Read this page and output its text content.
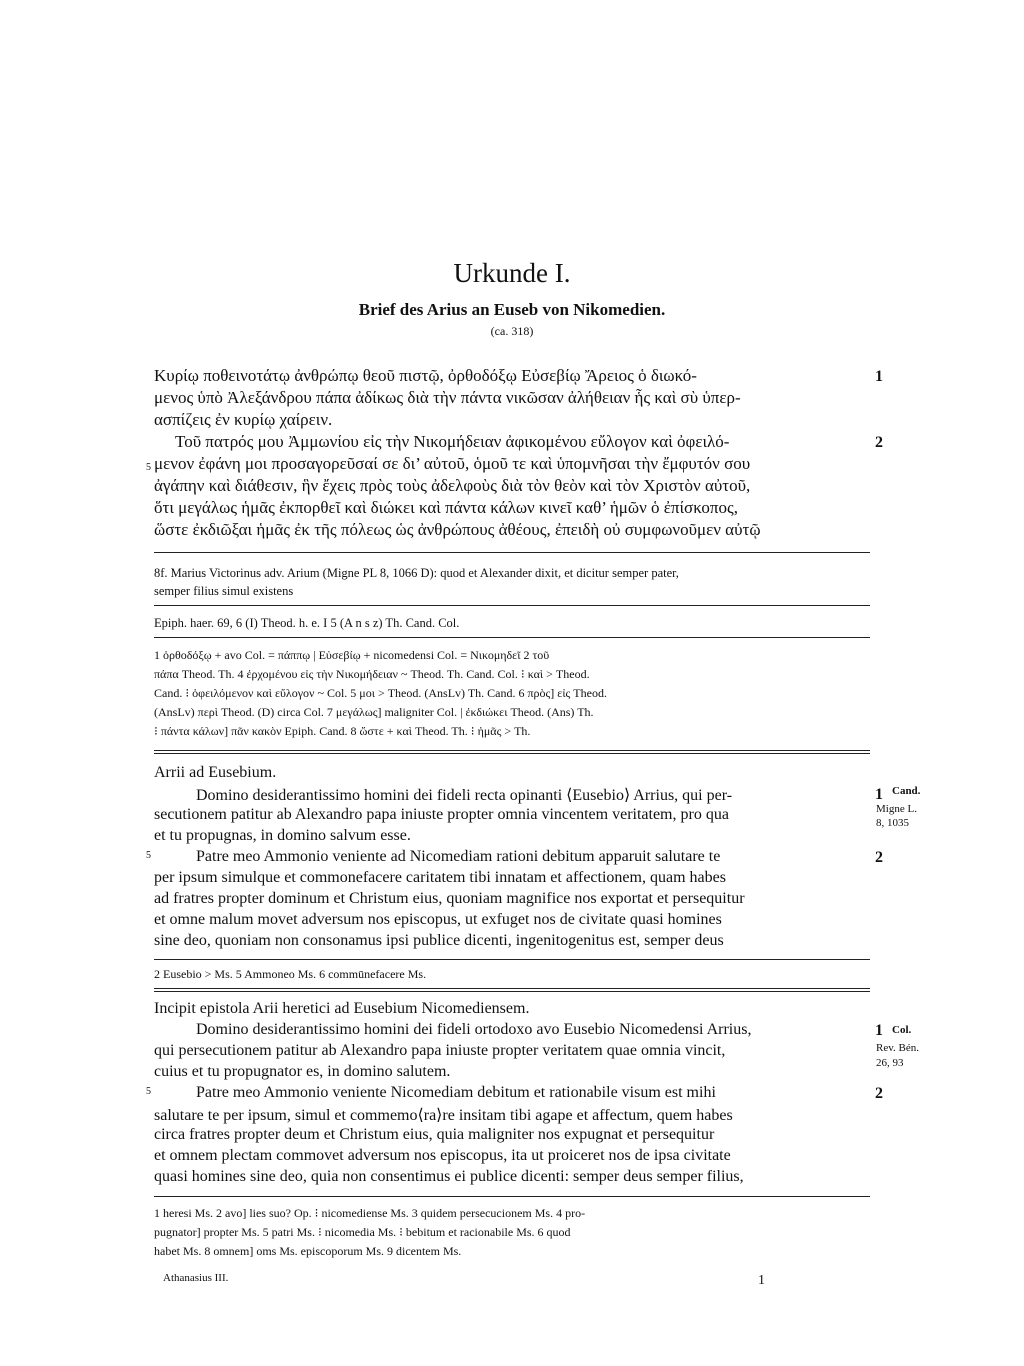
Urkunde I.
Brief des Arius an Euseb von Nikomedien.
(ca. 318)
Κυρίῳ ποθεινοτάτῳ ἀνθρώπῳ θεοῦ πιστῷ, ὀρθοδόξῳ Εὐσεβίῳ Ἄρειος ὁ διωκό-	1
μενος ὑπὸ Ἀλεξάνδρου πάπα ἀδίκως διὰ τὴν πάντα νικῶσαν ἀλήθειαν ἧς καὶ σὺ ὑπερ-
ασπίζεις ἐν κυρίῳ χαίρειν.
Τοῦ πατρός μου Ἀμμωνίου εἰς τὴν Νικομήδειαν ἀφικομένου εὔλογον καὶ ὀφειλό-	2
5 μενον ἐφάνη μοι προσαγορεῦσαί σε δι’ αὐτοῦ, ὁμοῦ τε καὶ ὑπομνῆσαι τὴν ἔμφυτόν σου
ἀγάπην καὶ διάθεσιν, ἣν ἔχεις πρὸς τοὺς ἀδελφοὺς διὰ τὸν θεὸν καὶ τὸν Χριστὸν αὐτοῦ,
ὅτι μεγάλως ἡμᾶς ἐκπορθεῖ καὶ διώκει καὶ πάντα κάλων κινεῖ καθ’ ἡμῶν ὁ ἐπίσκοπος,
ὥστε ἐκδιῶξαι ἡμᾶς ἐκ τῆς πόλεως ὡς ἀνθρώπους ἀθέους, ἐπειδὴ οὐ συμφωνοῦμεν αὐτῷ
8f. Marius Victorinus adv. Arium (Migne PL 8, 1066 D): quod et Alexander dixit, et dicitur semper pater,
semper filius simul existens
Epiph. haer. 69, 6 (I) Theod. h. e. I 5 (A n s z) Th. Cand. Col.
1 ὀρθοδόξῳ + avo Col. = πάππῳ | Εὐσεβίῳ + nicomedensi Col. = Νικομηδεῖ 2 τοῦ
πάπα Theod. Th. 4 ἐρχομένου εἰς τὴν Νικομήδειαν ~ Theod. Th. Cand. Col. ⁝ καὶ > Theod.
Cand. ⁝ ὀφειλόμενον καὶ εὔλογον ~ Col. 5 μοι > Theod. (AnsLv) Th. Cand. 6 πρὸς] εἰς Theod.
(AnsLv) περὶ Theod. (D) circa Col. 7 μεγάλως] maligniter Col. | ἐκδιώκει Theod. (Ans) Th.
⁝ πάντα κάλων] πᾶν κακὸν Epiph. Cand. 8 ὥστε + καὶ Theod. Th. ⁝ ἡμᾶς > Th.
Arrii ad Eusebium.
Domino desiderantissimo homini dei fideli recta opinanti ⟨Eusebio⟩ Arrius, qui per-	1 Cand.
secutionem patitur ab Alexandro papa iniuste propter omnia vincentem veritatem, pro qua	Migne L.
8, 1035
et tu propugnas, in domino salvum esse.
5	Patre meo Ammonio veniente ad Nicomediam rationi debitum apparuit salutare te	2
per ipsum simulque et commonefacere caritatem tibi innatam et affectionem, quam habes
ad fratres propter dominum et Christum eius, quoniam magnifice nos exportat et persequitur
et omne malum movet adversum nos episcopus, ut exfuget nos de civitate quasi homines
sine deo, quoniam non consonamus ipsi publice dicenti, ingenitogenitus est, semper deus
2 Eusebio > Ms. 5 Ammoneo Ms. 6 commūnefacere Ms.
Incipit epistola Arii heretici ad Eusebium Nicomediensem.
Domino desiderantissimo homini dei fideli ortodoxo avo Eusebio Nicomedensi Arrius,	1 Col.
qui persecutionem patitur ab Alexandro papa iniuste propter veritatem quae omnia vincit,	Rev. Bén.
26, 93
cuius et tu propugnator es, in domino salutem.
5	Patre meo Ammonio veniente Nicomediam debitum et rationabile visum est mihi	2
salutare te per ipsum, simul et commemo⟨ra⟩re insitam tibi agape et affectum, quem habes
circa fratres propter deum et Christum eius, quia maligniter nos expugnat et persequitur
et omnem plectam commovet adversum nos episcopus, ita ut proiceret nos de ipsa civitate
quasi homines sine deo, quia non consentimus ei publice dicenti: semper deus semper filius,
1 heresi Ms. 2 avo] lies suo? Op. ⁝ nicomediense Ms. 3 quidem persecucionem Ms. 4 pro-
pugnator] propter Ms. 5 patri Ms. ⁝ nicomedia Ms. ⁝ bebitum et racionabile Ms. 6 quod
habet Ms. 8 omnem] oms Ms. episcoporum Ms. 9 dicentem Ms.
Athanasius III.	1
